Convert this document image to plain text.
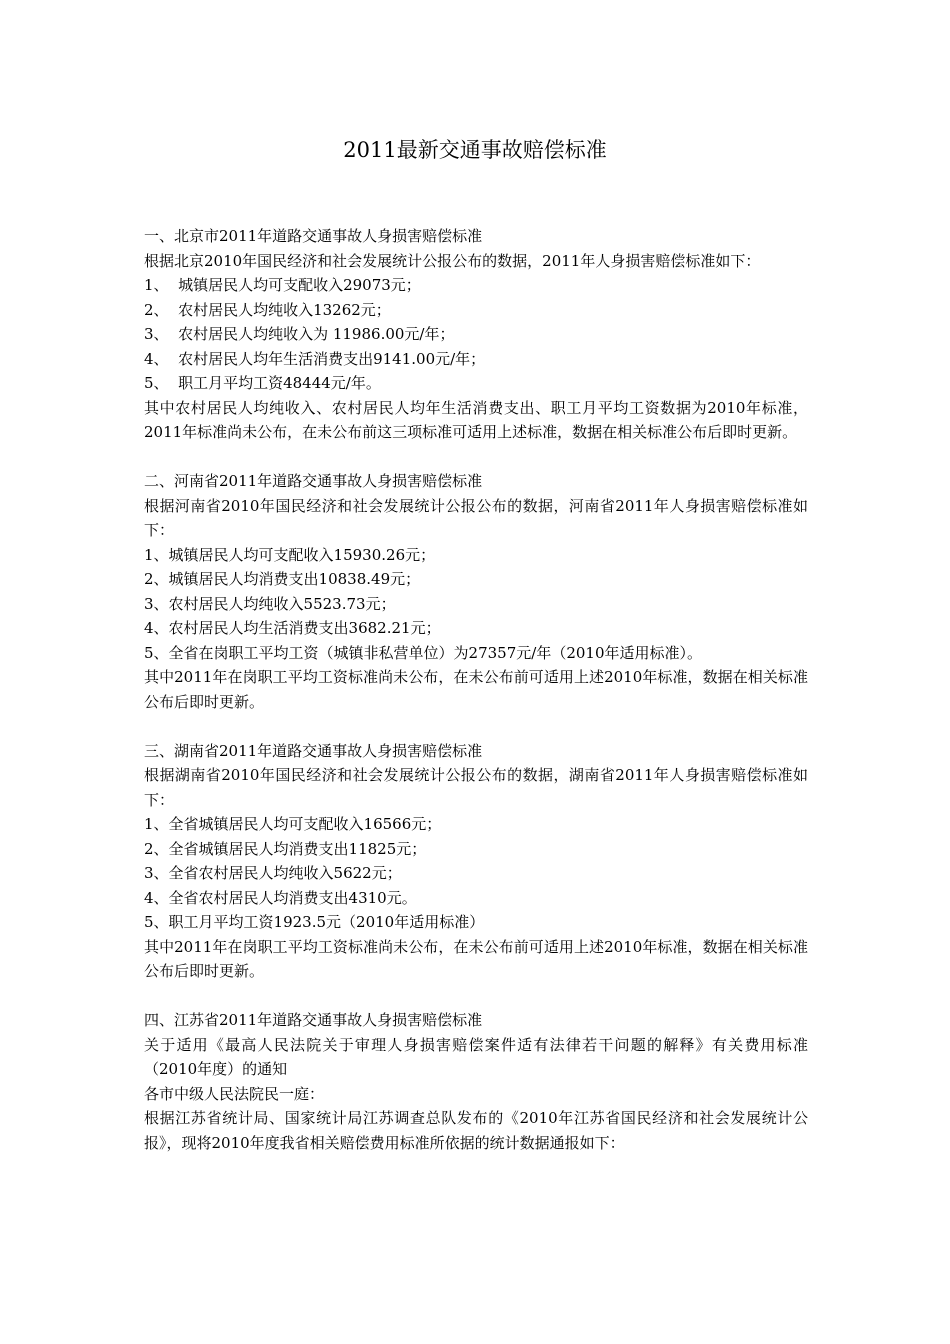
2011最新交通事故赔偿标准

一、北京市2011年道路交通事故人身损害赔偿标准

根据北京2010年国民经济和社会发展统计公报公布的数据，2011年人身损害赔偿标准如下：

1、  城镇居民人均可支配收入29073元；

2、  农村居民人均纯收入13262元；

3、  农村居民人均纯收入为 11986.00元/年；

4、  农村居民人均年生活消费支出9141.00元/年；

5、  职工月平均工资48444元/年。

其中农村居民人均纯收入、农村居民人均年生活消费支出、职工月平均工资数据为2010年标准，2011年标准尚未公布，在未公布前这三项标准可适用上述标准，数据在相关标准公布后即时更新。

二、河南省2011年道路交通事故人身损害赔偿标准

根据河南省2010年国民经济和社会发展统计公报公布的数据，河南省2011年人身损害赔偿标准如下：

1、城镇居民人均可支配收入15930.26元；

2、城镇居民人均消费支出10838.49元；

3、农村居民人均纯收入5523.73元；

4、农村居民人均生活消费支出3682.21元；

5、全省在岗职工平均工资（城镇非私营单位）为27357元/年（2010年适用标准）。

其中2011年在岗职工平均工资标准尚未公布，在未公布前可适用上述2010年标准，数据在相关标准公布后即时更新。

三、湖南省2011年道路交通事故人身损害赔偿标准

根据湖南省2010年国民经济和社会发展统计公报公布的数据，湖南省2011年人身损害赔偿标准如下：

1、全省城镇居民人均可支配收入16566元；

2、全省城镇居民人均消费支出11825元；

3、全省农村居民人均纯收入5622元；

4、全省农村居民人均消费支出4310元。

5、职工月平均工资1923.5元（2010年适用标准）

其中2011年在岗职工平均工资标准尚未公布，在未公布前可适用上述2010年标准，数据在相关标准公布后即时更新。

四、江苏省2011年道路交通事故人身损害赔偿标准

关于适用《最高人民法院关于审理人身损害赔偿案件适有法律若干问题的解释》有关费用标准（2010年度）的通知

各市中级人民法院民一庭：

根据江苏省统计局、国家统计局江苏调查总队发布的《2010年江苏省国民经济和社会发展统计公报》，现将2010年度我省相关赔偿费用标准所依据的统计数据通报如下：
